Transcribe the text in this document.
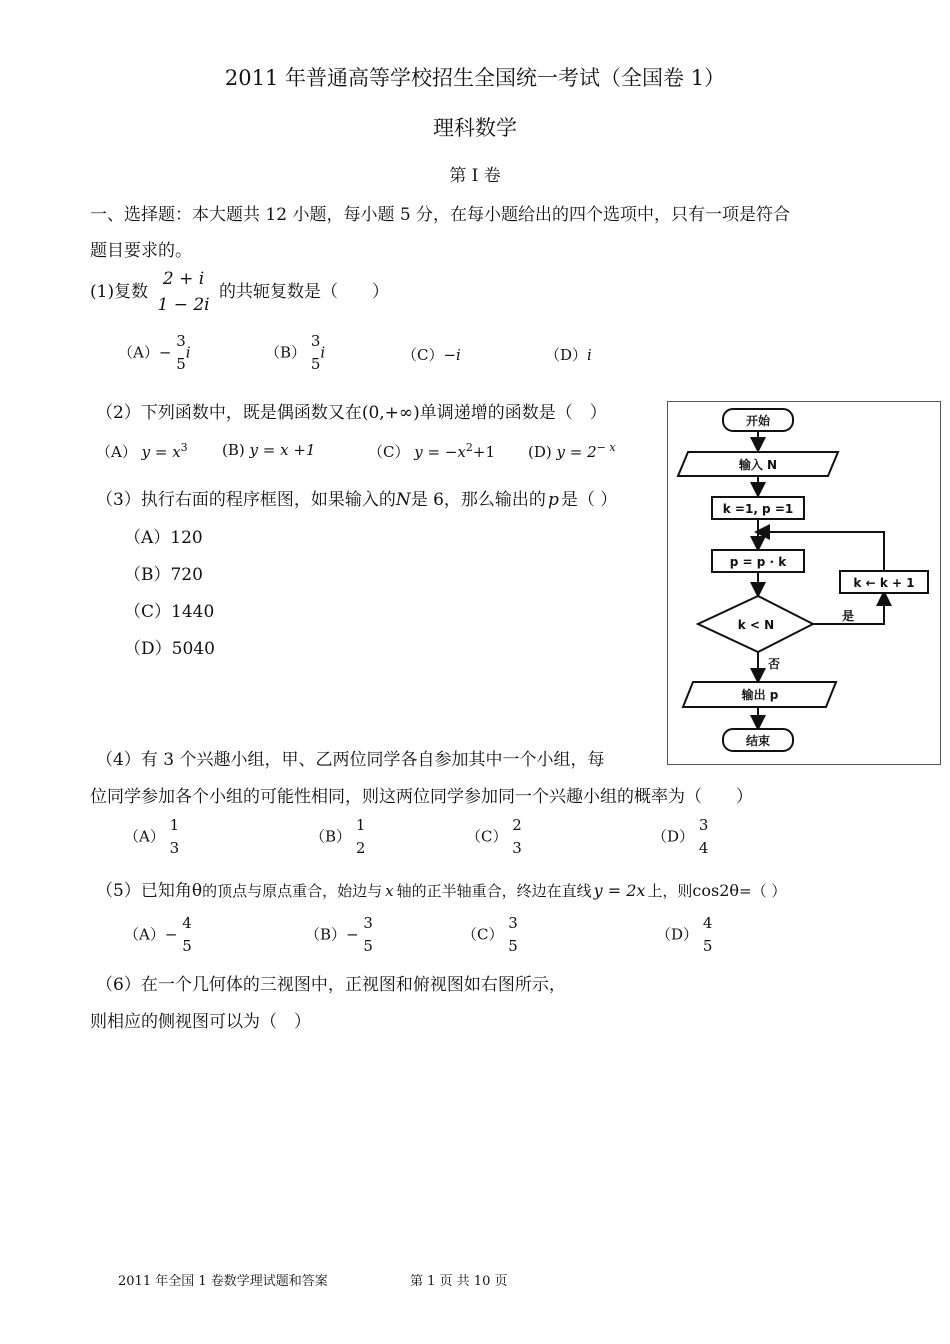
2011 年普通高等学校招生全国统一考试（全国卷 1）
理科数学
第 I 卷
一、选择题：本大题共 12 小题，每小题 5 分，在每小题给出的四个选项中，只有一项是符合
题目要求的。
(1)复数
2 + i
1 − 2i
的共轭复数是（　　）
（A）−
3
5
i	（B）
3
5
i	（C）−i	（D）i
（2）下列函数中，既是偶函数又在(0,+∞)单调递增的函数是（　）
（A） $y = x^3$ (B) y = x +1	（C） $y = -x^2+1$ (D) $y = 2^{- x}$
（3）执行右面的程序框图，如果输入的N是 6，那么输出的 p 是（ ）
（A）120
（B）720
（C）1440
（D）5040
开始
输入 N
k =1, p =1
p = p · k
k < N
是
k ← k + 1
否
输出 p
结束
（4）有 3 个兴趣小组，甲、乙两位同学各自参加其中一个小组，每
位同学参加各个小组的可能性相同，则这两位同学参加同一个兴趣小组的概率为（　　）
（A）
1
3
（B）
1
2
（C）
2
3
（D）
3
4
（5）已知角θ的顶点与原点重合，始边与 x 轴的正半轴重合，终边在直线 y = 2x 上，则cos2θ=（ ）
（A）−
4
5
（B）−
3
5
（C）
3
5
（D）
4
5
（6）在一个几何体的三视图中，正视图和俯视图如右图所示，
则相应的侧视图可以为（　）
2011 年全国 1 卷数学理试题和答案	第 1 页 共 10 页
